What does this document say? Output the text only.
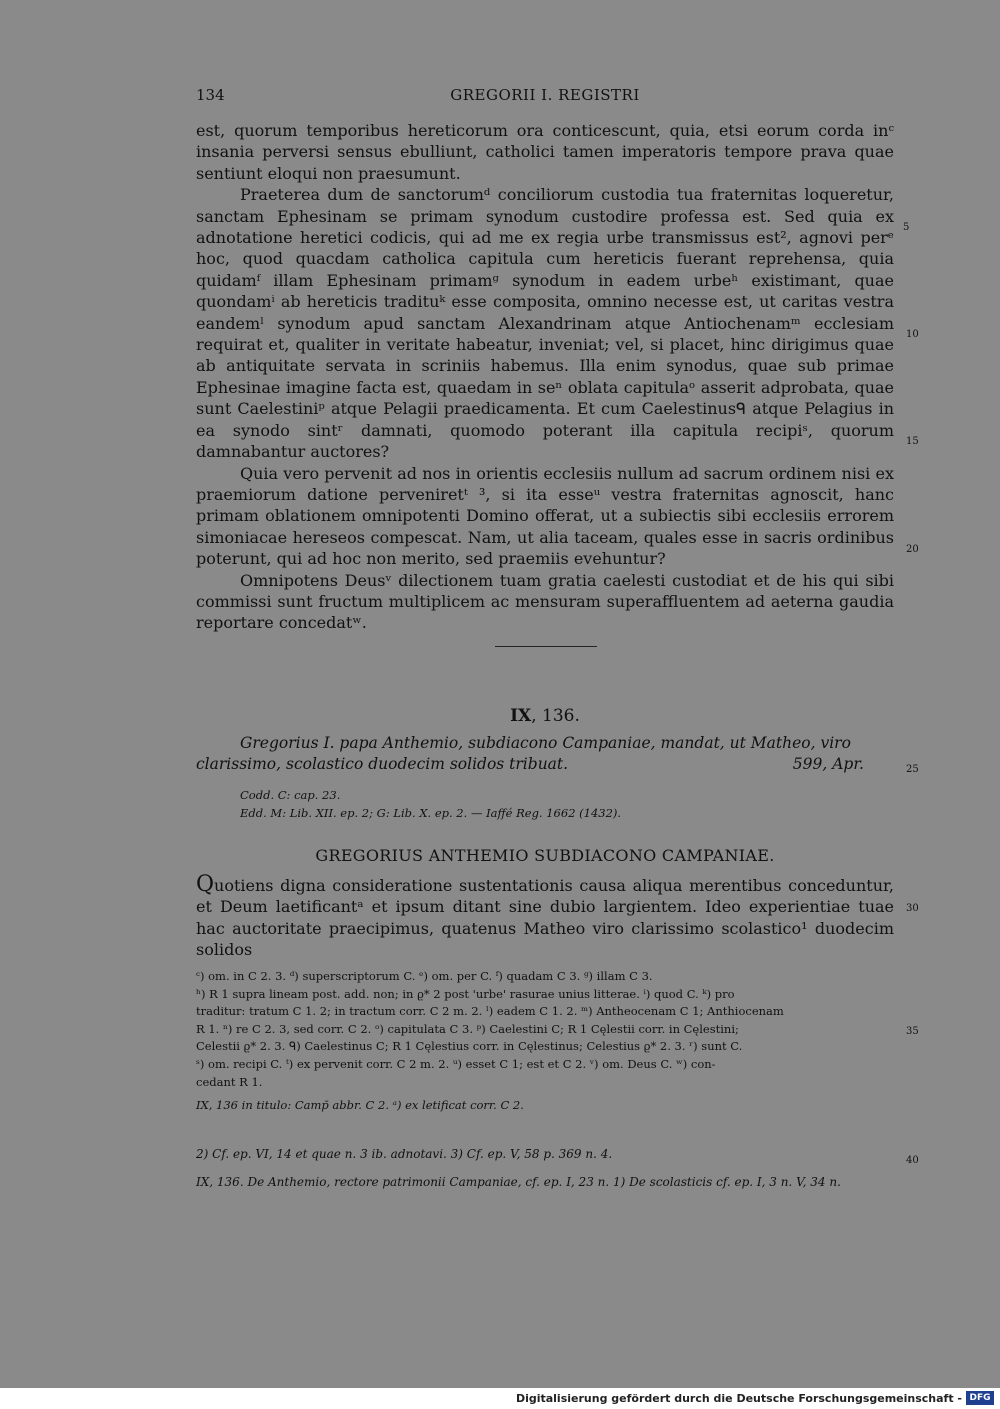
134	GREGORII I. REGISTRI

est, quorum temporibus hereticorum ora conticescunt, quia, etsi eorum corda inᶜ insania perversi sensus ebulliunt, catholici tamen imperatoris tempore prava quae sentiunt eloqui non praesumunt.

Praeterea dum de sanctorumᵈ conciliorum custodia tua fraternitas loqueretur, sanctam Ephesinam se primam synodum custodire professa est. Sed quia ex adnotatione heretici codicis, qui ad me ex regia urbe transmissus est², agnovi perᵉ hoc, quod quacdam catholica capitula cum hereticis fuerant reprehensa, quia quidamᶠ illam Ephesinam primamᵍ synodum in eadem urbeʰ existimant, quae quondamⁱ ab hereticis tradituᵏ esse composita, omnino necesse est, ut caritas vestra eandemˡ synodum apud sanctam Alexandrinam atque Antiochenamᵐ ecclesiam requirat et, qualiter in veritate habeatur, inveniat; vel, si placet, hinc dirigimus quae ab antiquitate servata in scriniis habemus. Illa enim synodus, quae sub primae Ephesinae imagine facta est, quaedam in seⁿ oblata capitulaᵒ asserit adprobata, quae sunt Caelestiniᵖ atque Pelagii praedicamenta. Et cum Caelestinusᑫ atque Pelagius in ea synodo sintʳ damnati, quomodo poterant illa capitula recipiˢ, quorum damnabantur auctores?

Quia vero pervenit ad nos in orientis ecclesiis nullum ad sacrum ordinem nisi ex praemiorum datione perveniretᵗ ³, si ita esseᵘ vestra fraternitas agnoscit, hanc primam oblationem omnipotenti Domino offerat, ut a subiectis sibi ecclesiis errorem simoniacae hereseos compescat. Nam, ut alia taceam, quales esse in sacris ordinibus poterunt, qui ad hoc non merito, sed praemiis evehuntur?

Omnipotens Deusᵛ dilectionem tuam gratia caelesti custodiat et de his qui sibi commissi sunt fructum multiplicem ac mensuram superaffluentem ad aeterna gaudia reportare concedatʷ.

5
10
15
20
25
30
35
40
IX, 136.
Gregorius I. papa Anthemio, subdiacono Campaniae, mandat, ut Matheo, viro
clarissimo, scolastico duodecim solidos tribuat.	599, Apr.
Codd. C: cap. 23.
Edd. M: Lib. XII. ep. 2; G: Lib. X. ep. 2. — Iaffé Reg. 1662 (1432).
GREGORIUS ANTHEMIO SUBDIACONO CAMPANIAE.
Quotiens digna consideratione sustentationis causa aliqua merentibus conceduntur, et Deum laetificantᵃ et ipsum ditant sine dubio largientem. Ideo experientiae tuae hac auctoritate praecipimus, quatenus Matheo viro clarissimo scolastico¹ duodecim solidos

ᶜ) om. in C 2. 3. ᵈ) superscriptorum C. ᵉ) om. per C. ᶠ) quadam C 3. ᵍ) illam C 3.

ʰ) R 1 supra lineam post. add. non; in ϱ* 2 post 'urbe' rasurae unius litterae. ⁱ) quod C. ᵏ) pro

traditur: tratum C 1. 2; in tractum corr. C 2 m. 2. ˡ) eadem C 1. 2. ᵐ) Antheocenam C 1; Anthiocenam

R 1. ⁿ) re C 2. 3, sed corr. C 2. ᵒ) capitulata C 3. ᵖ) Caelestini C; R 1 Cęlestii corr. in Cęlestini;

Celestii ϱ* 2. 3. ᑫ) Caelestinus C; R 1 Cęlestius corr. in Cęlestinus; Celestius ϱ* 2. 3. ʳ) sunt C.

ˢ) om. recipi C. ᵗ) ex pervenit corr. C 2 m. 2. ᵘ) esset C 1; est et C 2. ᵛ) om. Deus C. ʷ) con-

cedant R 1.

IX, 136 in titulo: Camp̄ abbr. C 2. ᵃ) ex letificat corr. C 2.

2) Cf. ep. VI, 14 et quae n. 3 ib. adnotavi. 3) Cf. ep. V, 58 p. 369 n. 4.

IX, 136. De Anthemio, rectore patrimonii Campaniae, cf. ep. I, 23 n. 1) De scolasticis cf. ep. I, 3 n. V, 34 n.

Digitalisierung gefördert durch die Deutsche Forschungsgemeinschaft - DFG
